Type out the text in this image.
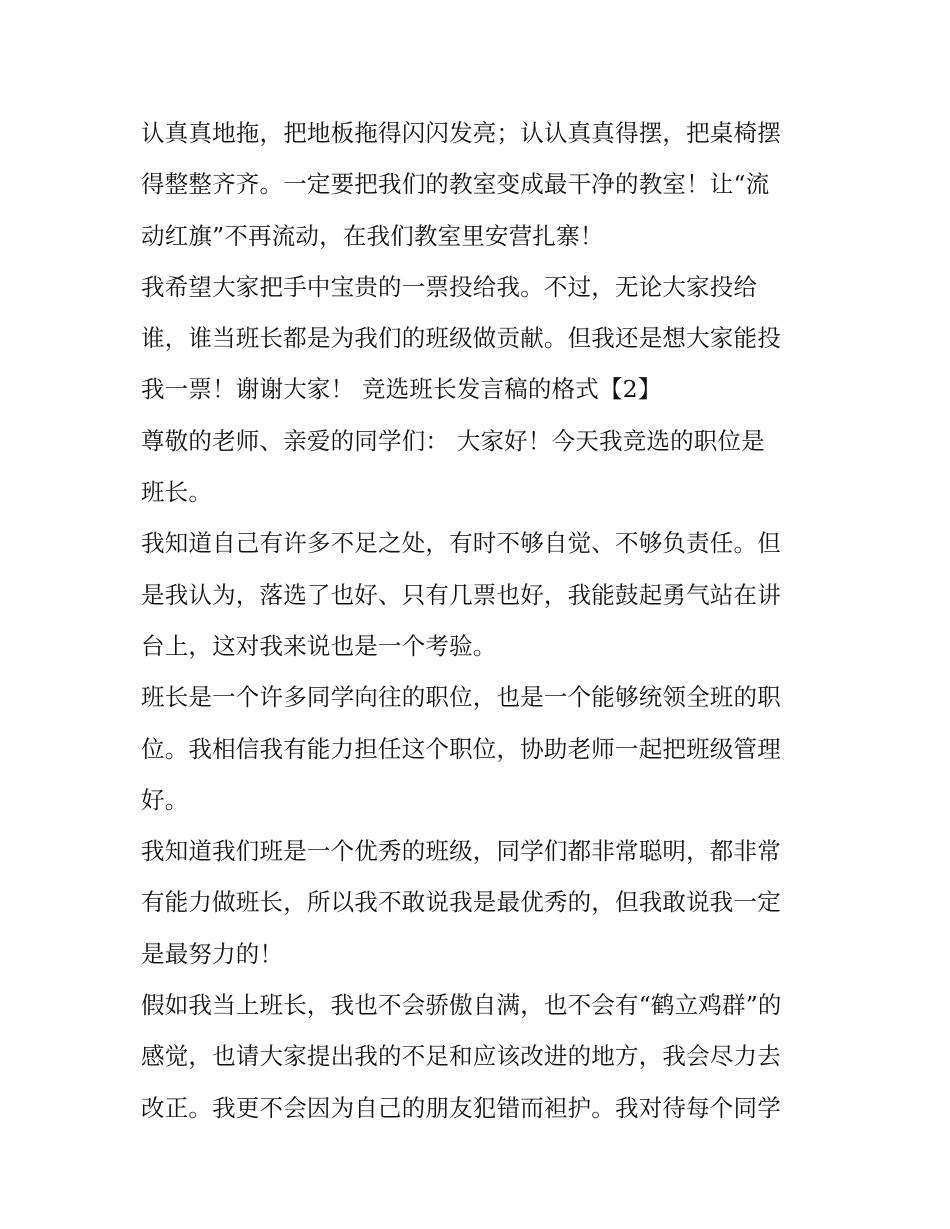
认真真地拖，把地板拖得闪闪发亮；认认真真得摆，把桌椅摆
得整整齐齐。一定要把我们的教室变成最干净的教室！让“流
动红旗”不再流动，在我们教室里安营扎寨！
我希望大家把手中宝贵的一票投给我。不过，无论大家投给
谁，谁当班长都是为我们的班级做贡献。但我还是想大家能投
我一票！谢谢大家！ 竞选班长发言稿的格式【2】
尊敬的老师、亲爱的同学们： 大家好！今天我竞选的职位是
班长。
我知道自己有许多不足之处，有时不够自觉、不够负责任。但
是我认为，落选了也好、只有几票也好，我能鼓起勇气站在讲
台上，这对我来说也是一个考验。
班长是一个许多同学向往的职位，也是一个能够统领全班的职
位。我相信我有能力担任这个职位，协助老师一起把班级管理
好。
我知道我们班是一个优秀的班级，同学们都非常聪明，都非常
有能力做班长，所以我不敢说我是最优秀的，但我敢说我一定
是最努力的！
假如我当上班长，我也不会骄傲自满，也不会有“鹤立鸡群”的
感觉，也请大家提出我的不足和应该改进的地方，我会尽力去
改正。我更不会因为自己的朋友犯错而袒护。我对待每个同学
